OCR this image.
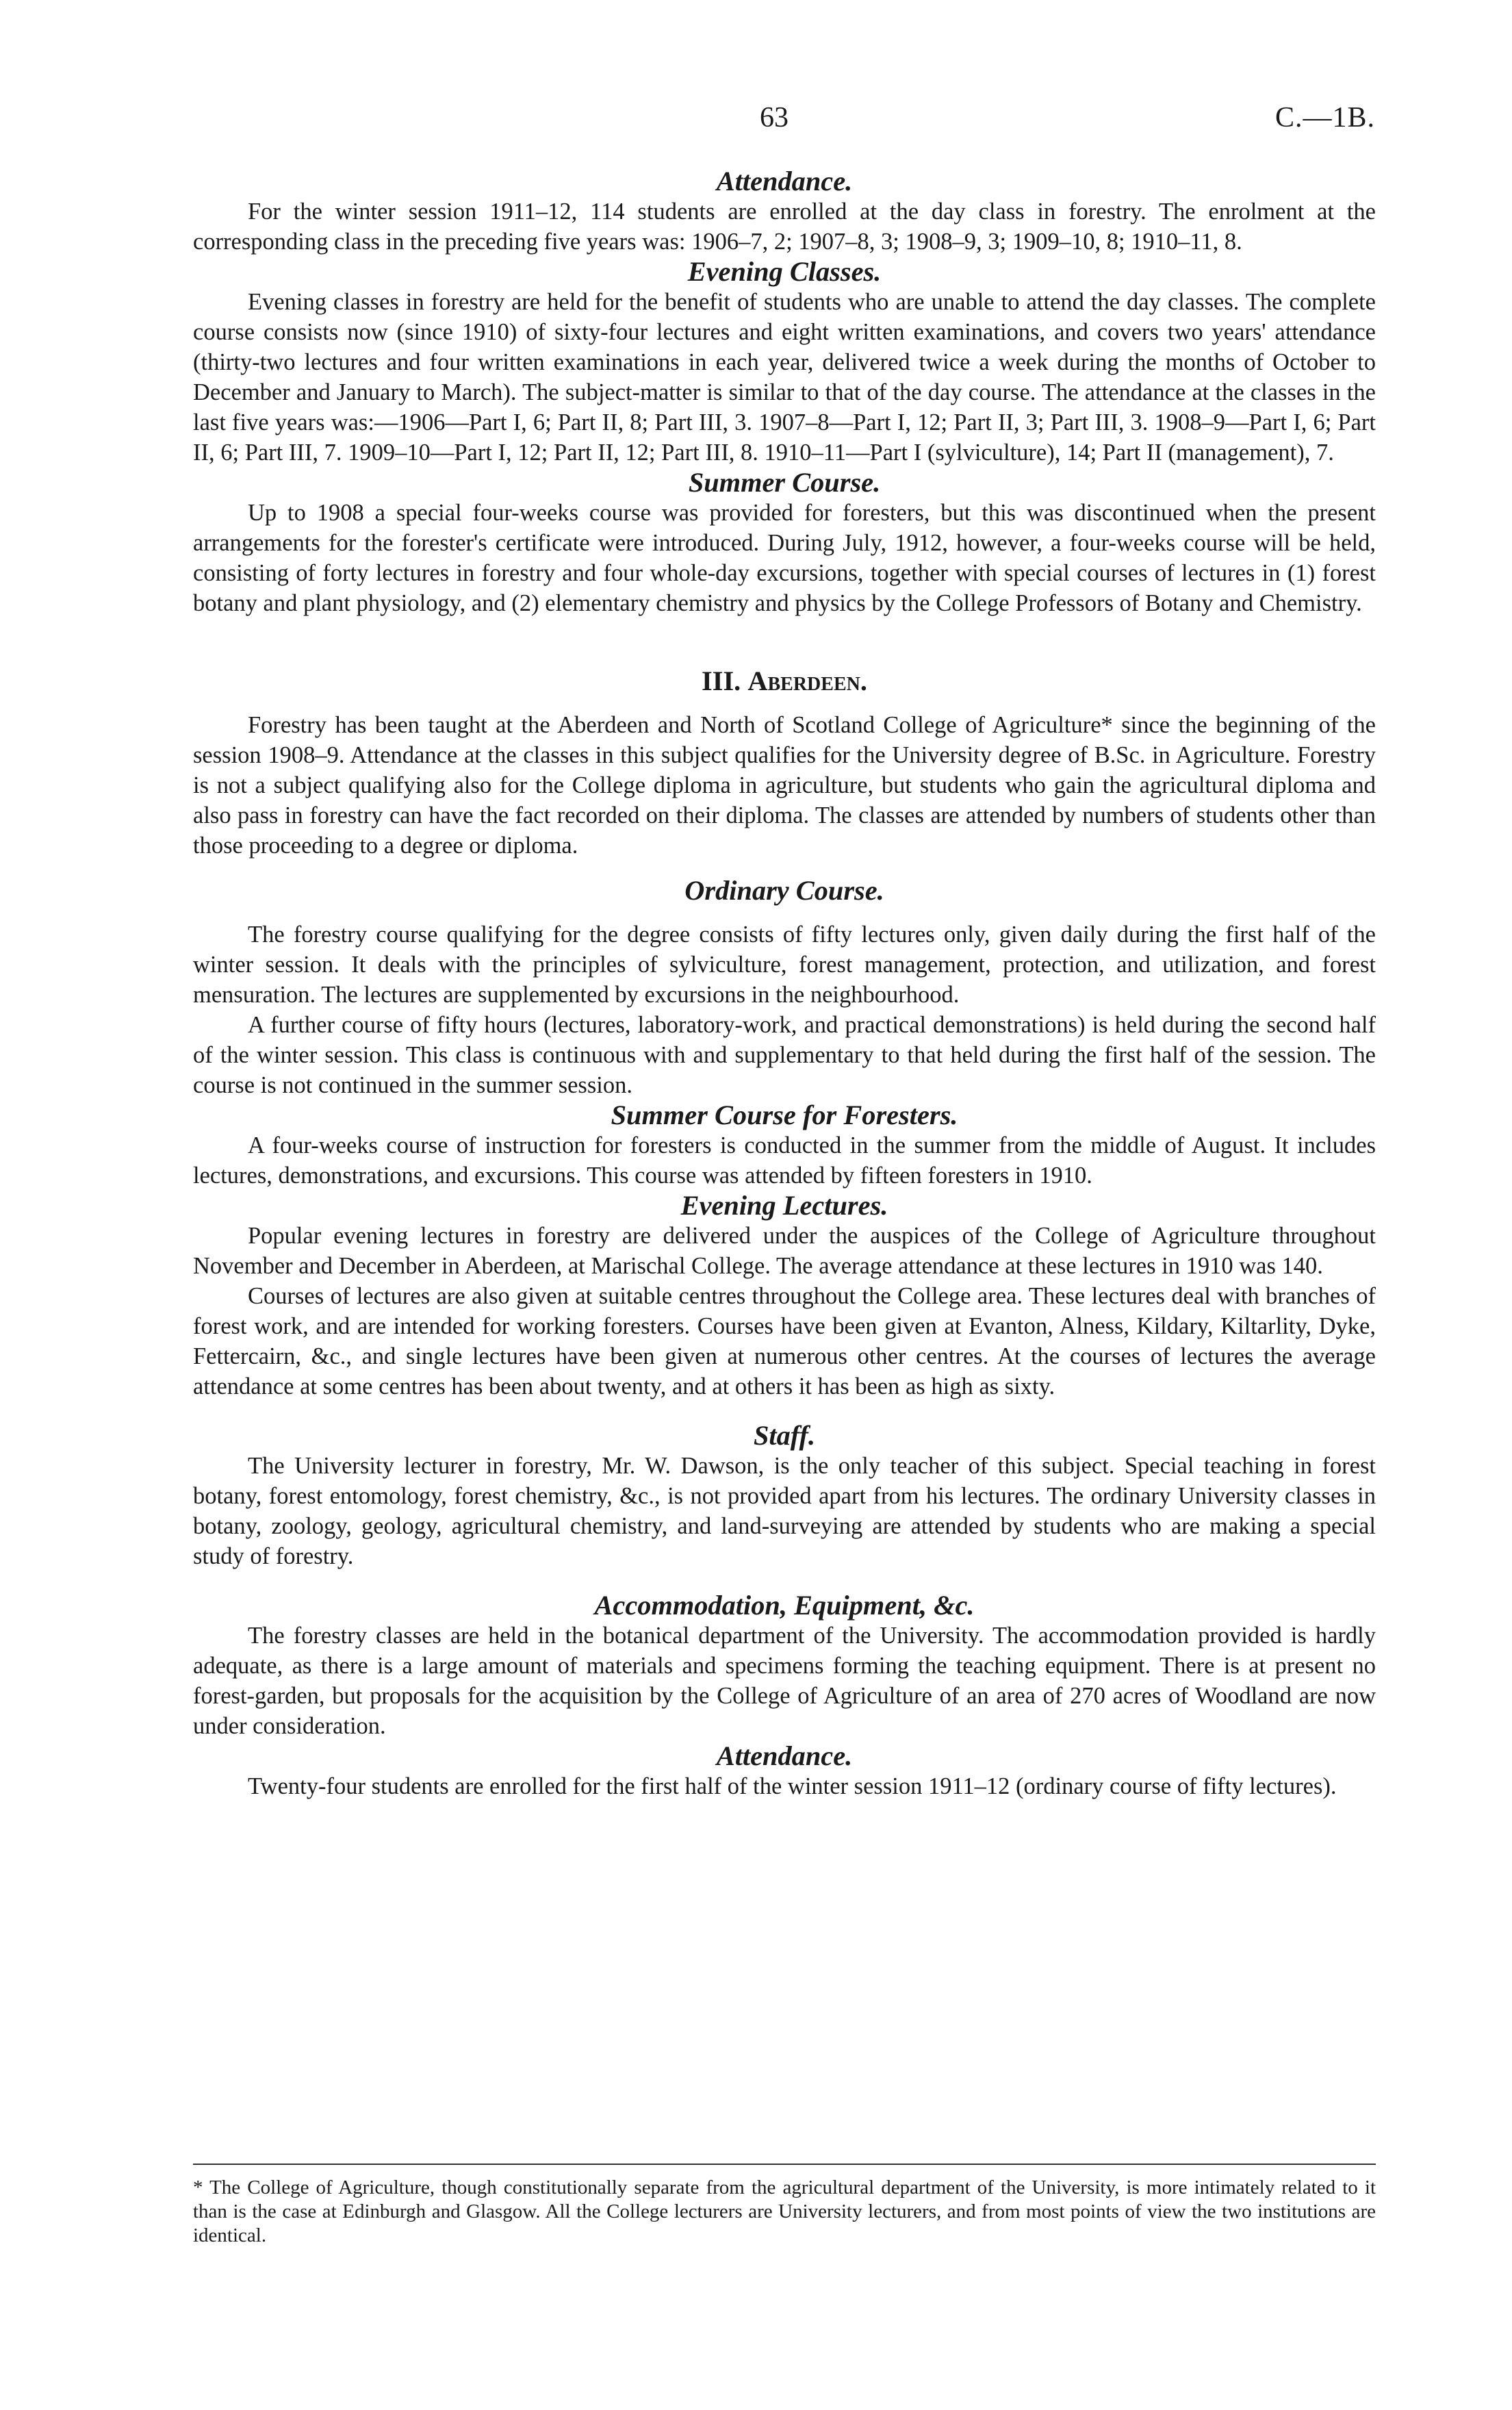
63	C.—1B.
Attendance.

For the winter session 1911–12, 114 students are enrolled at the day class in forestry. The enrolment at the corresponding class in the preceding five years was: 1906–7, 2; 1907–8, 3; 1908–9, 3; 1909–10, 8; 1910–11, 8.

Evening Classes.

Evening classes in forestry are held for the benefit of students who are unable to attend the day classes. The complete course consists now (since 1910) of sixty-four lectures and eight written examinations, and covers two years' attendance (thirty-two lectures and four written examinations in each year, delivered twice a week during the months of October to December and January to March). The subject-matter is similar to that of the day course. The attendance at the classes in the last five years was:—1906—Part I, 6; Part II, 8; Part III, 3. 1907–8—Part I, 12; Part II, 3; Part III, 3. 1908–9—Part I, 6; Part II, 6; Part III, 7. 1909–10—Part I, 12; Part II, 12; Part III, 8. 1910–11—Part I (sylviculture), 14; Part II (management), 7.

Summer Course.

Up to 1908 a special four-weeks course was provided for foresters, but this was discontinued when the present arrangements for the forester's certificate were introduced. During July, 1912, however, a four-weeks course will be held, consisting of forty lectures in forestry and four whole-day excursions, together with special courses of lectures in (1) forest botany and plant physiology, and (2) elementary chemistry and physics by the College Professors of Botany and Chemistry.

III. Aberdeen.

Forestry has been taught at the Aberdeen and North of Scotland College of Agriculture* since the beginning of the session 1908–9. Attendance at the classes in this subject qualifies for the University degree of B.Sc. in Agriculture. Forestry is not a subject qualifying also for the College diploma in agriculture, but students who gain the agricultural diploma and also pass in forestry can have the fact recorded on their diploma. The classes are attended by numbers of students other than those proceeding to a degree or diploma.

Ordinary Course.

The forestry course qualifying for the degree consists of fifty lectures only, given daily during the first half of the winter session. It deals with the principles of sylviculture, forest management, protection, and utilization, and forest mensuration. The lectures are supplemented by excursions in the neighbourhood.

A further course of fifty hours (lectures, laboratory-work, and practical demonstrations) is held during the second half of the winter session. This class is continuous with and supplementary to that held during the first half of the session. The course is not continued in the summer session.

Summer Course for Foresters.

A four-weeks course of instruction for foresters is conducted in the summer from the middle of August. It includes lectures, demonstrations, and excursions. This course was attended by fifteen foresters in 1910.

Evening Lectures.

Popular evening lectures in forestry are delivered under the auspices of the College of Agriculture throughout November and December in Aberdeen, at Marischal College. The average attendance at these lectures in 1910 was 140.

Courses of lectures are also given at suitable centres throughout the College area. These lectures deal with branches of forest work, and are intended for working foresters. Courses have been given at Evanton, Alness, Kildary, Kiltarlity, Dyke, Fettercairn, &c., and single lectures have been given at numerous other centres. At the courses of lectures the average attendance at some centres has been about twenty, and at others it has been as high as sixty.

Staff.

The University lecturer in forestry, Mr. W. Dawson, is the only teacher of this subject. Special teaching in forest botany, forest entomology, forest chemistry, &c., is not provided apart from his lectures. The ordinary University classes in botany, zoology, geology, agricultural chemistry, and land-surveying are attended by students who are making a special study of forestry.

Accommodation, Equipment, &c.

The forestry classes are held in the botanical department of the University. The accommodation provided is hardly adequate, as there is a large amount of materials and specimens forming the teaching equipment. There is at present no forest-garden, but proposals for the acquisition by the College of Agriculture of an area of 270 acres of Woodland are now under consideration.

Attendance.

Twenty-four students are enrolled for the first half of the winter session 1911–12 (ordinary course of fifty lectures).

* The College of Agriculture, though constitutionally separate from the agricultural department of the University, is more intimately related to it than is the case at Edinburgh and Glasgow. All the College lecturers are University lecturers, and from most points of view the two institutions are identical.
